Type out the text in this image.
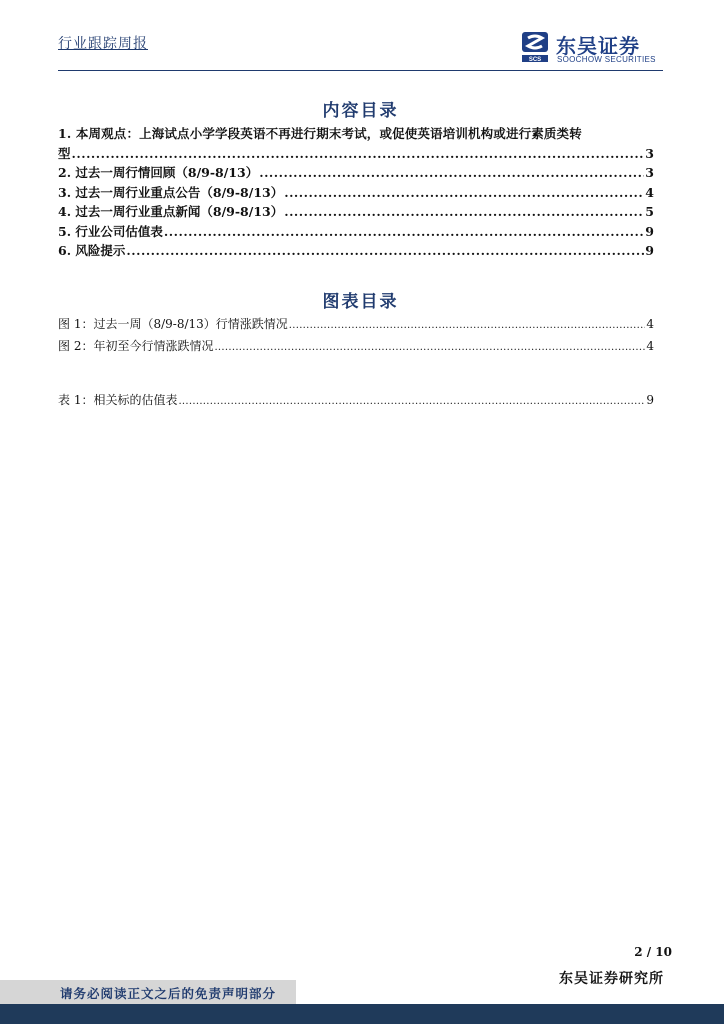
行业跟踪周报
SCS
东吴证券
SOOCHOW SECURITIES
内容目录
1. 本周观点：上海试点小学学段英语不再进行期末考试，或促使英语培训机构或进行素质类转
型 .....	3
2. 过去一周行情回顾（8/9-8/13） .....	3
3. 过去一周行业重点公告（8/9-8/13） .....	4
4. 过去一周行业重点新闻（8/9-8/13） .....	5
5. 行业公司估值表 .....	9
6. 风险提示 .....	9
图表目录
图 1：过去一周（8/9-8/13）行情涨跌情况 .....	4
图 2：年初至今行情涨跌情况 .....	4
表 1：相关标的估值表 .....	9
2 / 10
东吴证券研究所
请务必阅读正文之后的免责声明部分
